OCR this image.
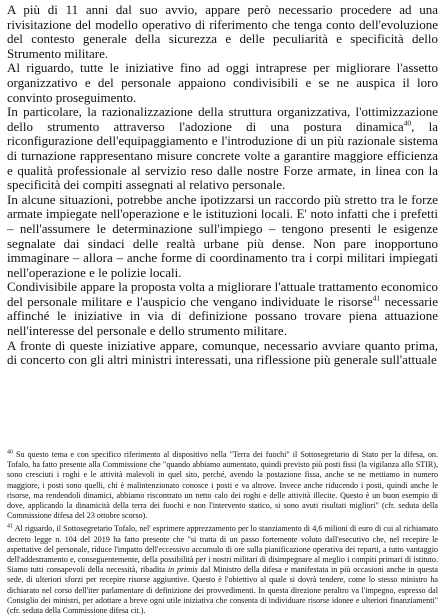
A più di 11 anni dal suo avvio, appare però necessario procedere ad una rivisitazione del modello operativo di riferimento che tenga conto dell'evoluzione del contesto generale della sicurezza e delle peculiarità e specificità dello Strumento militare.

Al riguardo, tutte le iniziative fino ad oggi intraprese per migliorare l'assetto organizzativo e del personale appaiono condivisibili e se ne auspica il loro convinto proseguimento.

In particolare, la razionalizzazione della struttura organizzativa, l'ottimizzazione dello strumento attraverso l'adozione di una postura dinamica$^{40}$, la riconfigurazione dell'equipaggiamento e l'introduzione di un più razionale sistema di turnazione rappresentano misure concrete volte a garantire maggiore efficienza e qualità professionale al servizio reso dalle nostre Forze armate, in linea con la specificità dei compiti assegnati al relativo personale.

In alcune situazioni, potrebbe anche ipotizzarsi un raccordo più stretto tra le forze armate impiegate nell'operazione e le istituzioni locali. E' noto infatti che i prefetti – nell'assumere le determinazione sull'impiego – tengono presenti le esigenze segnalate dai sindaci delle realtà urbane più dense. Non pare inopportuno immaginare – allora – anche forme di coordinamento tra i corpi militari impiegati nell'operazione e le polizie locali.

Condivisibile appare la proposta volta a migliorare l'attuale trattamento economico del personale militare e l'auspicio che vengano individuate le risorse$^{41}$ necessarie affinché le iniziative in via di definizione possano trovare piena attuazione nell'interesse del personale e dello strumento militare.

A fronte di queste iniziative appare, comunque, necessario avviare quanto prima, di concerto con gli altri ministri interessati, una riflessione più generale sull'attuale

$^{40}$ Su questo tema e con specifico riferimento al dispositivo nella "Terra dei fuochi" il Sottosegretario di Stato per la difesa, on. Tofalo, ha fatto presente alla Commissione che "quando abbiamo aumentato, quindi previsto più posti fissi (la vigilanza allo STIR), sono cresciuti i roghi e le attività malevoli in quel sito, perché, avendo la postazione fissa, anche se ne mettiamo in numero maggiore, i posti sono quelli, chi è malintenzionato conosce i posti e va altrove. Invece anche riducendo i posti, quindi anche le risorse, ma rendendoli dinamici, abbiamo riscontrato un netto calo dei roghi e delle attività illecite. Questo è un buon esempio di dove, applicando la dinamicità della terra dei fuochi e non l'intervento statico, si sono avuti risultati migliori" (cfr. seduta della Commissione difesa del 23 ottobre scorso).

$^{41}$ Al riguardo, il Sottosegretario Tofalo, nel' esprimere apprezzamento per lo stanziamento di 4,6 milioni di euro di cui al richiamato decreto legge n. 104 del 2019 ha fatto presente che "si tratta di un passo fortemente voluto dall'esecutivo che, nel recepire le aspettative del personale, riduce l'impatto dell'eccessivo accumulo di ore sulla pianificazione operativa dei reparti, a tutto vantaggio dell'addestramento e, conseguentemente, della possibilità per i nostri militari di disimpegnare al meglio i compiti primari di istituto. Siamo tutti consapevoli della necessità, ribadita in primis dal Ministro della difesa e manifestata in più occasioni anche in questa sede, di ulteriori sforzi per recepire risorse aggiuntive. Questo è l'obiettivo al quale si dovrà tendere, come lo stesso ministro ha dichiarato nel corso dell'iter parlamentare di definizione dei provvedimenti. In questa direzione peraltro va l'impegno, espresso dal Consiglio dei ministri, per adottare a breve ogni utile iniziativa che consenta di individuare risorse idonee e ulteriori finanziamenti" (cfr. seduta della Commissione difesa cit.).
